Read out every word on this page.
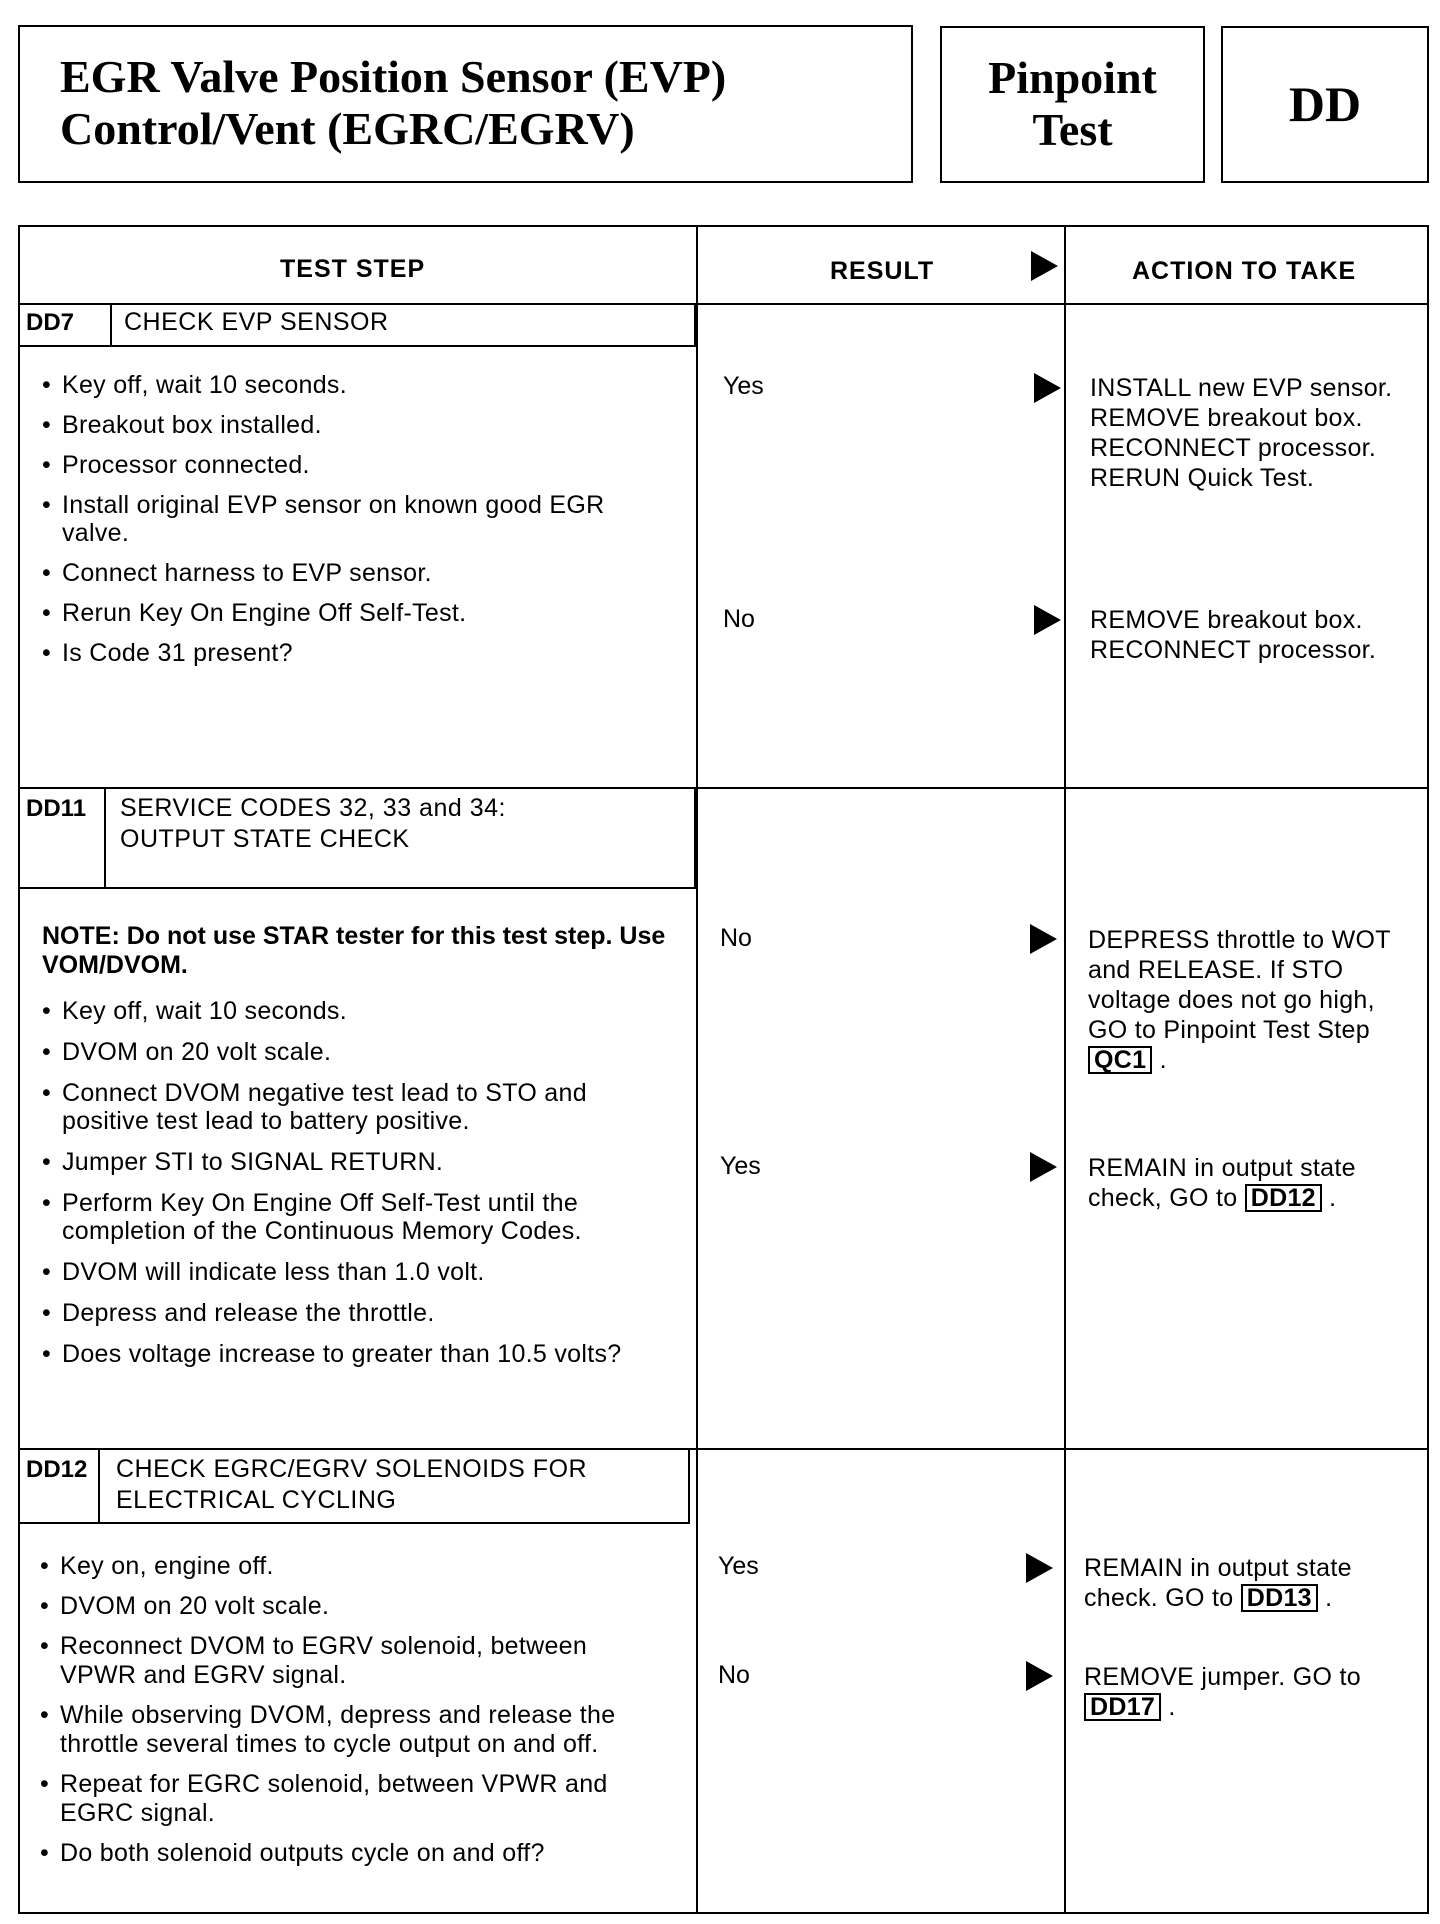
EGR Valve Position Sensor (EVP)
Control/Vent (EGRC/EGRV)
Pinpoint
Test	DD
TEST STEP	RESULT	ACTION TO TAKE
DD7	CHECK EVP SENSOR
• Key off, wait 10 seconds.
• Breakout box installed.
• Processor connected.
• Install original EVP sensor on known good EGR valve.
• Connect harness to EVP sensor.
• Rerun Key On Engine Off Self-Test.
• Is Code 31 present?
Yes	INSTALL new EVP sensor. REMOVE breakout box. RECONNECT processor. RERUN Quick Test.
No	REMOVE breakout box. RECONNECT processor.
DD11	SERVICE CODES 32, 33 and 34: OUTPUT STATE CHECK
NOTE: Do not use STAR tester for this test step. Use VOM/DVOM.
• Key off, wait 10 seconds.
• DVOM on 20 volt scale.
• Connect DVOM negative test lead to STO and positive test lead to battery positive.
• Jumper STI to SIGNAL RETURN.
• Perform Key On Engine Off Self-Test until the completion of the Continuous Memory Codes.
• DVOM will indicate less than 1.0 volt.
• Depress and release the throttle.
• Does voltage increase to greater than 10.5 volts?
No	DEPRESS throttle to WOT and RELEASE. If STO voltage does not go high, GO to Pinpoint Test Step QC1 .
Yes	REMAIN in output state check, GO to DD12 .
DD12	CHECK EGRC/EGRV SOLENOIDS FOR ELECTRICAL CYCLING
• Key on, engine off.
• DVOM on 20 volt scale.
• Reconnect DVOM to EGRV solenoid, between VPWR and EGRV signal.
• While observing DVOM, depress and release the throttle several times to cycle output on and off.
• Repeat for EGRC solenoid, between VPWR and EGRC signal.
• Do both solenoid outputs cycle on and off?
Yes	REMAIN in output state check. GO to DD13 .
No	REMOVE jumper. GO to DD17 .
